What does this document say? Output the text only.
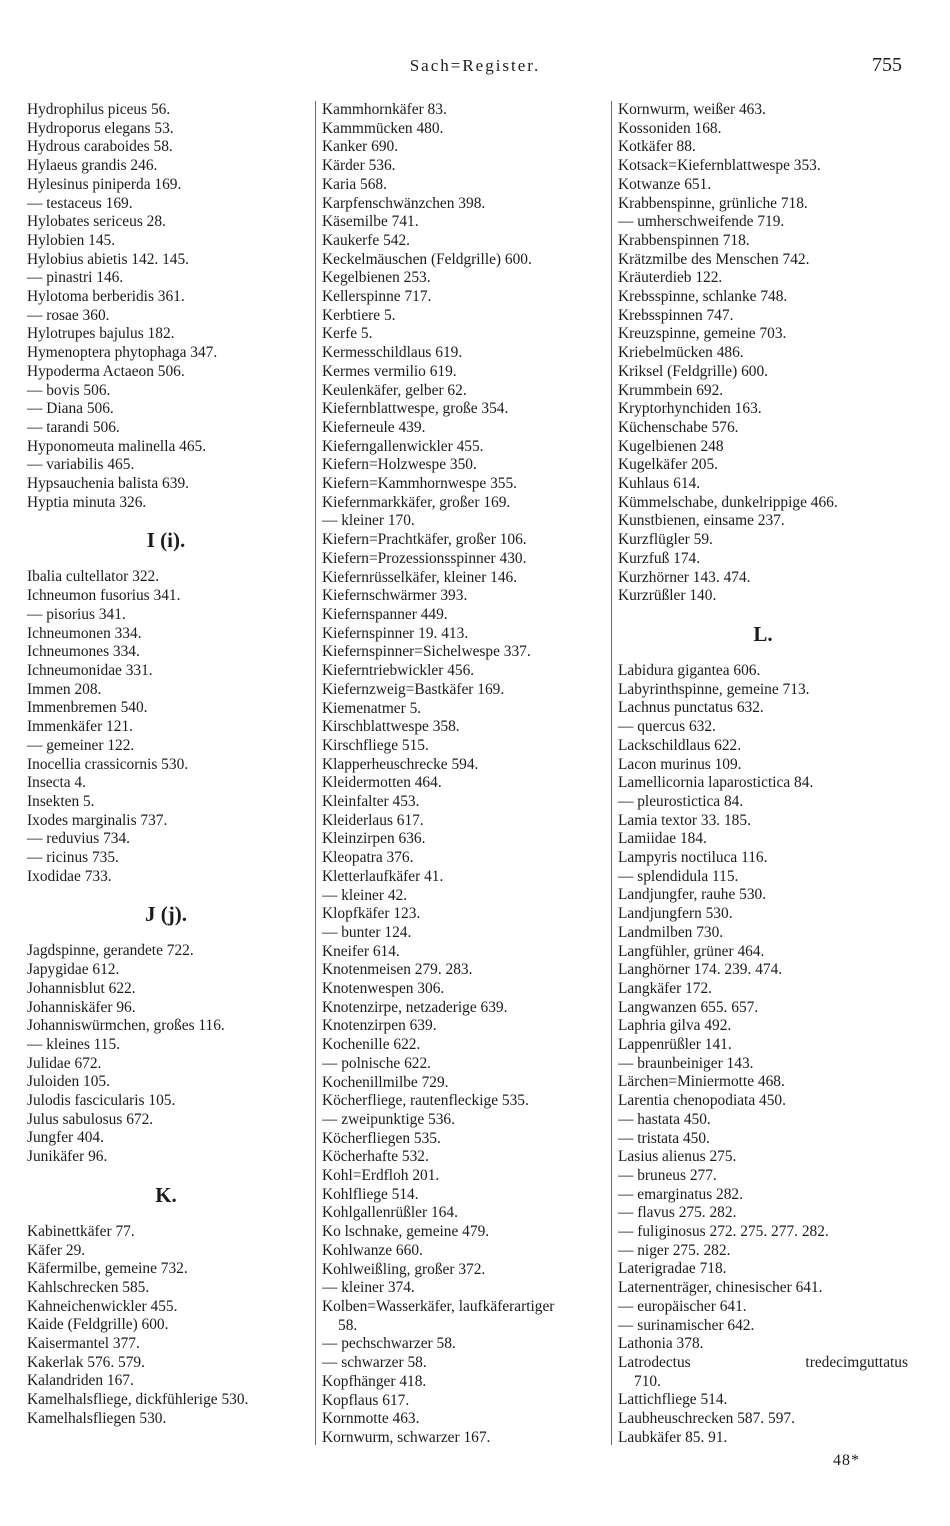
Sach=Register.	755
Hydrophilus piceus 56.
Hydroporus elegans 53.
Hydrous caraboides 58.
Hylaeus grandis 246.
Hylesinus piniperda 169.
— testaceus 169.
Hylobates sericeus 28.
Hylobien 145.
Hylobius abietis 142. 145.
— pinastri 146.
Hylotoma berberidis 361.
— rosae 360.
Hylotrupes bajulus 182.
Hymenoptera phytophaga 347.
Hypoderma Actaeon 506.
— bovis 506.
— Diana 506.
— tarandi 506.
Hyponomeuta malinella 465.
— variabilis 465.
Hypsauchenia balista 639.
Hyptia minuta 326.
I (i).
Ibalia cultellator 322.
Ichneumon fusorius 341.
— pisorius 341.
Ichneumonen 334.
Ichneumones 334.
Ichneumonidae 331.
Immen 208.
Immenbremen 540.
Immenkäfer 121.
— gemeiner 122.
Inocellia crassicornis 530.
Insecta 4.
Insekten 5.
Ixodes marginalis 737.
— reduvius 734.
— ricinus 735.
Ixodidae 733.
J (j).
Jagdspinne, gerandete 722.
Japygidae 612.
Johannisblut 622.
Johanniskäfer 96.
Johanniswürmchen, großes 116.
— kleines 115.
Julidae 672.
Juloiden 105.
Julodis fascicularis 105.
Julus sabulosus 672.
Jungfer 404.
Junikäfer 96.
K.
Kabinettkäfer 77.
Käfer 29.
Käfermilbe, gemeine 732.
Kahlschrecken 585.
Kahneichenwickler 455.
Kaide (Feldgrille) 600.
Kaisermantel 377.
Kakerlak 576. 579.
Kalandriden 167.
Kamelhalsfliege, dickfühlerige 530.
Kamelhalsfliegen 530.
Kammhornkäfer 83.
Kammmücken 480.
Kanker 690.
Kärder 536.
Karia 568.
Karpfenschwänzchen 398.
Käsemilbe 741.
Kaukerfe 542.
Keckelmäuschen (Feldgrille) 600.
Kegelbienen 253.
Kellerspinne 717.
Kerbtiere 5.
Kerfe 5.
Kermesschildlaus 619.
Kermes vermilio 619.
Keulenkäfer, gelber 62.
Kiefernblattwespe, große 354.
Kieferneule 439.
Kieferngallenwickler 455.
Kiefern=Holzwespe 350.
Kiefern=Kammhornwespe 355.
Kiefernmarkkäfer, großer 169.
— kleiner 170.
Kiefern=Prachtkäfer, großer 106.
Kiefern=Prozessionsspinner 430.
Kiefernrüsselkäfer, kleiner 146.
Kiefernschwärmer 393.
Kiefernspanner 449.
Kiefernspinner 19. 413.
Kiefernspinner=Sichelwespe 337.
Kieferntriebwickler 456.
Kiefernzweig=Bastkäfer 169.
Kiemenatmer 5.
Kirschblattwespe 358.
Kirschfliege 515.
Klapperheuschrecke 594.
Kleidermotten 464.
Kleinfalter 453.
Kleiderlaus 617.
Kleinzirpen 636.
Kleopatra 376.
Kletterlaufkäfer 41.
— kleiner 42.
Klopfkäfer 123.
— bunter 124.
Kneifer 614.
Knotenmeisen 279. 283.
Knotenwespen 306.
Knotenzirpe, netzaderige 639.
Knotenzirpen 639.
Kochenille 622.
— polnische 622.
Kochenillmilbe 729.
Köcherfliege, rautenfleckige 535.
— zweipunktige 536.
Köcherfliegen 535.
Köcherhafte 532.
Kohl=Erdfloh 201.
Kohlfliege 514.
Kohlgallenrüßler 164.
Ko lschnake, gemeine 479.
Kohlwanze 660.
Kohlweißling, großer 372.
— kleiner 374.
Kolben=Wasserkäfer, laufkäferartiger
58.
— pechschwarzer 58.
— schwarzer 58.
Kopfhänger 418.
Kopflaus 617.
Kornmotte 463.
Kornwurm, schwarzer 167.
Kornwurm, weißer 463.
Kossoniden 168.
Kotkäfer 88.
Kotsack=Kiefernblattwespe 353.
Kotwanze 651.
Krabbenspinne, grünliche 718.
— umherschweifende 719.
Krabbenspinnen 718.
Krätzmilbe des Menschen 742.
Kräuterdieb 122.
Krebsspinne, schlanke 748.
Krebsspinnen 747.
Kreuzspinne, gemeine 703.
Kriebelmücken 486.
Kriksel (Feldgrille) 600.
Krummbein 692.
Kryptorhynchiden 163.
Küchenschabe 576.
Kugelbienen 248
Kugelkäfer 205.
Kuhlaus 614.
Kümmelschabe, dunkelrippige 466.
Kunstbienen, einsame 237.
Kurzflügler 59.
Kurzfuß 174.
Kurzhörner 143. 474.
Kurzrüßler 140.
L.
Labidura gigantea 606.
Labyrinthspinne, gemeine 713.
Lachnus punctatus 632.
— quercus 632.
Lackschildlaus 622.
Lacon murinus 109.
Lamellicornia laparostictica 84.
— pleurostictica 84.
Lamia textor 33. 185.
Lamiidae 184.
Lampyris noctiluca 116.
— splendidula 115.
Landjungfer, rauhe 530.
Landjungfern 530.
Landmilben 730.
Langfühler, grüner 464.
Langhörner 174. 239. 474.
Langkäfer 172.
Langwanzen 655. 657.
Laphria gilva 492.
Lappenrüßler 141.
— braunbeiniger 143.
Lärchen=Miniermotte 468.
Larentia chenopodiata 450.
— hastata 450.
— tristata 450.
Lasius alienus 275.
— bruneus 277.
— emarginatus 282.
— flavus 275. 282.
— fuliginosus 272. 275. 277. 282.
— niger 275. 282.
Laterigradae 718.
Laternenträger, chinesischer 641.
— europäischer 641.
— surinamischer 642.
Lathonia 378.
Latrodectus tredecimguttatus
710.
Lattichfliege 514.
Laubheuschrecken 587. 597.
Laubkäfer 85. 91.
48*
